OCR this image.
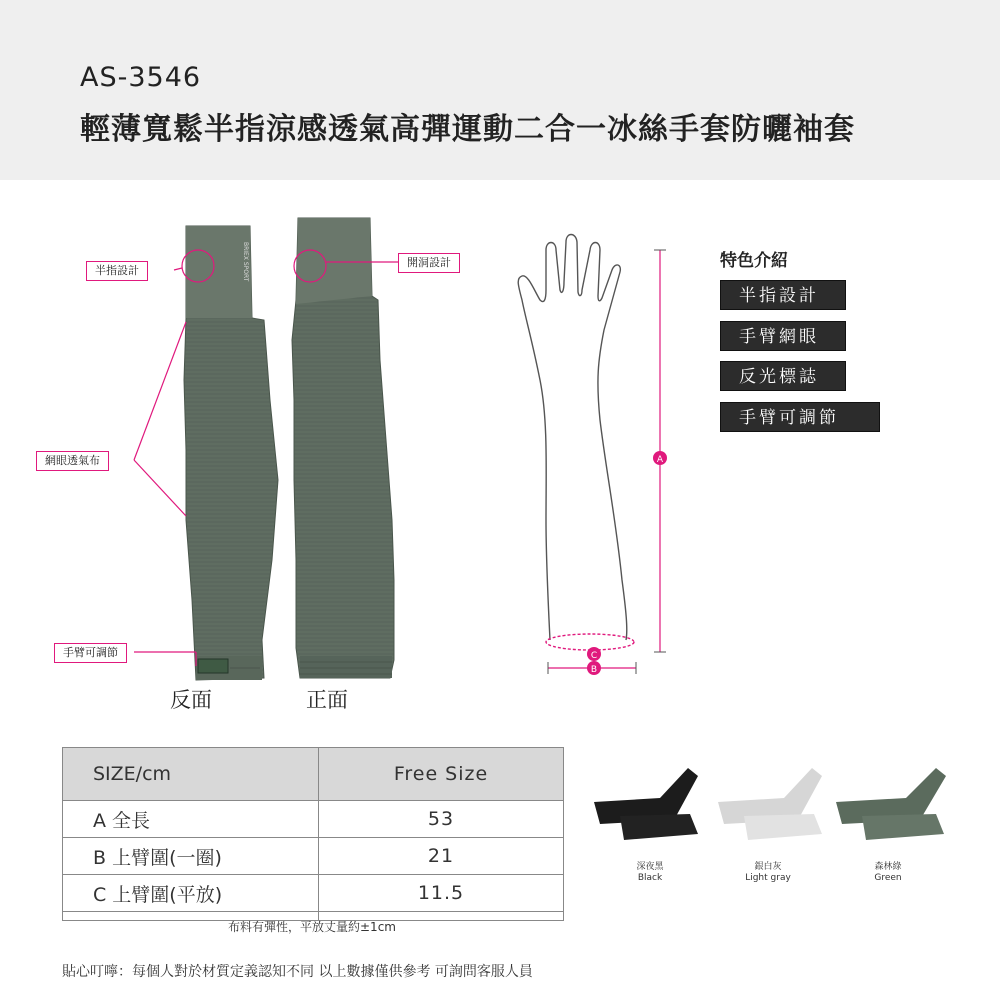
AS-3546
輕薄寬鬆半指涼感透氣高彈運動二合一冰絲手套防曬袖套
BRIEX SPORT
A
B
C
半指設計
開洞設計
網眼透氣布
手臂可調節
反面	正面
特色介紹
半指設計
手臂網眼
反光標誌
手臂可調節
SIZE/cm	Free Size
A 全長	53
B 上臂圍(一圈)	21
C 上臂圍(平放)	11.5

布料有彈性，平放丈量約±1cm
深夜黑
Black
銀白灰
Light gray
森林綠
Green
貼心叮嚀：每個人對於材質定義認知不同 以上數據僅供參考 可詢問客服人員
